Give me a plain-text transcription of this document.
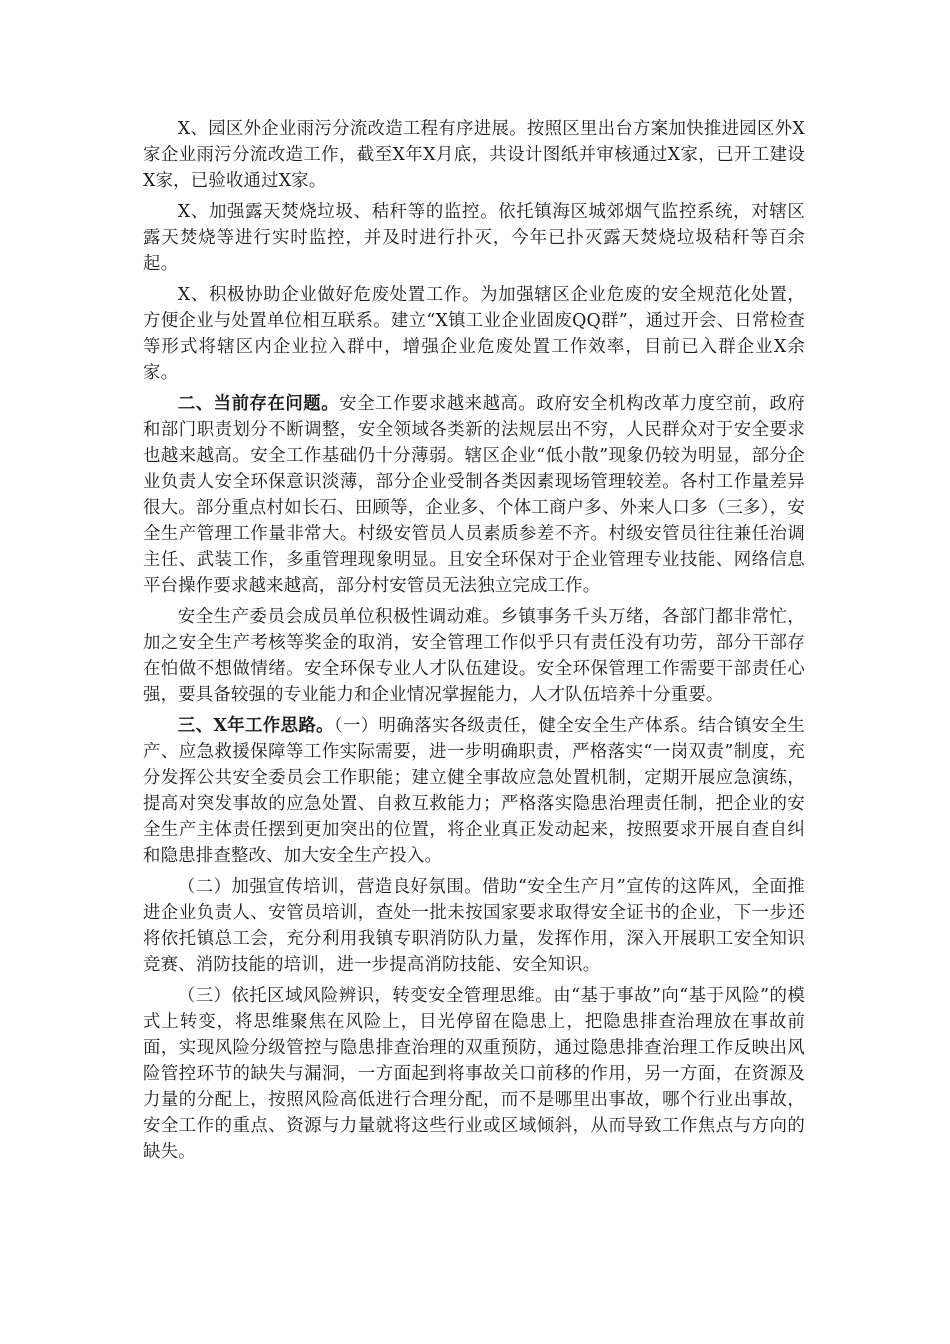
X、园区外企业雨污分流改造工程有序进展。按照区里出台方案加快推进园区外X家企业雨污分流改造工作，截至X年X月底，共设计图纸并审核通过X家，已开工建设X家，已验收通过X家。

X、加强露天焚烧垃圾、秸秆等的监控。依托镇海区城郊烟气监控系统，对辖区露天焚烧等进行实时监控，并及时进行扑灭，今年已扑灭露天焚烧垃圾秸秆等百余起。

X、积极协助企业做好危废处置工作。为加强辖区企业危废的安全规范化处置，方便企业与处置单位相互联系。建立“X镇工业企业固废QQ群”，通过开会、日常检查等形式将辖区内企业拉入群中，增强企业危废处置工作效率，目前已入群企业X余家。

二、当前存在问题。安全工作要求越来越高。政府安全机构改革力度空前，政府和部门职责划分不断调整，安全领域各类新的法规层出不穷，人民群众对于安全要求也越来越高。安全工作基础仍十分薄弱。辖区企业“低小散”现象仍较为明显，部分企业负责人安全环保意识淡薄，部分企业受制各类因素现场管理较差。各村工作量差异很大。部分重点村如长石、田顾等，企业多、个体工商户多、外来人口多（三多），安全生产管理工作量非常大。村级安管员人员素质参差不齐。村级安管员往往兼任治调主任、武装工作，多重管理现象明显。且安全环保对于企业管理专业技能、网络信息平台操作要求越来越高，部分村安管员无法独立完成工作。

安全生产委员会成员单位积极性调动难。乡镇事务千头万绪，各部门都非常忙，加之安全生产考核等奖金的取消，安全管理工作似乎只有责任没有功劳，部分干部存在怕做不想做情绪。安全环保专业人才队伍建设。安全环保管理工作需要干部责任心强，要具备较强的专业能力和企业情况掌握能力，人才队伍培养十分重要。

三、X年工作思路。（一）明确落实各级责任，健全安全生产体系。结合镇安全生产、应急救援保障等工作实际需要，进一步明确职责，严格落实“一岗双责”制度，充分发挥公共安全委员会工作职能；建立健全事故应急处置机制，定期开展应急演练，提高对突发事故的应急处置、自救互救能力；严格落实隐患治理责任制，把企业的安全生产主体责任摆到更加突出的位置，将企业真正发动起来，按照要求开展自查自纠和隐患排查整改、加大安全生产投入。

（二）加强宣传培训，营造良好氛围。借助“安全生产月”宣传的这阵风，全面推进企业负责人、安管员培训，查处一批未按国家要求取得安全证书的企业，下一步还将依托镇总工会，充分利用我镇专职消防队力量，发挥作用，深入开展职工安全知识竞赛、消防技能的培训，进一步提高消防技能、安全知识。

（三）依托区域风险辨识，转变安全管理思维。由“基于事故”向“基于风险”的模式上转变，将思维聚焦在风险上，目光停留在隐患上，把隐患排查治理放在事故前面，实现风险分级管控与隐患排查治理的双重预防，通过隐患排查治理工作反映出风险管控环节的缺失与漏洞，一方面起到将事故关口前移的作用，另一方面，在资源及力量的分配上，按照风险高低进行合理分配，而不是哪里出事故，哪个行业出事故，安全工作的重点、资源与力量就将这些行业或区域倾斜，从而导致工作焦点与方向的缺失。
